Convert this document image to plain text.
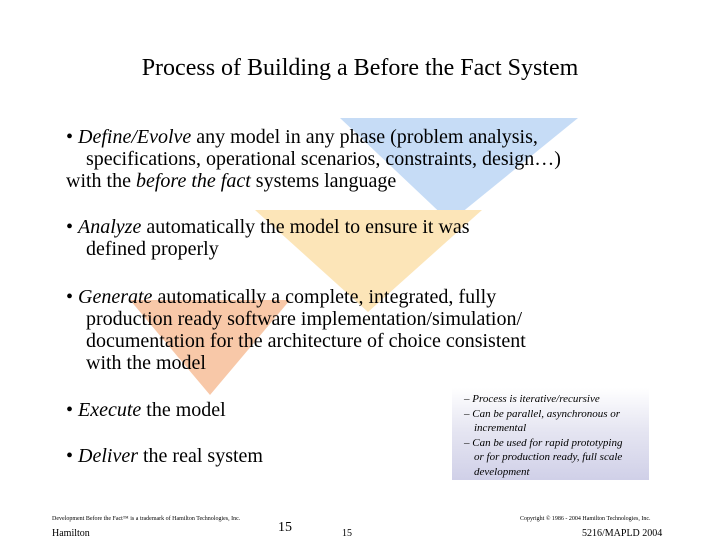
Process of Building a Before the Fact System
• Define/Evolve any model in any phase (problem analysis,
specifications, operational scenarios, constraints, design…)
with the before the fact systems language
• Analyze automatically the model to ensure it was
defined properly
• Generate automatically a complete, integrated, fully
production ready software implementation/simulation/
documentation for the architecture of choice consistent
with the model
• Execute the model
• Deliver the real system
– Process is iterative/recursive
– Can be parallel, asynchronous or
incremental
– Can be used for rapid prototyping
or for production ready, full scale
development
Development Before the Fact™ is a trademark of Hamilton Technologies, Inc.	Copyright © 1986 - 2004 Hamilton Technologies, Inc.
Hamilton	15	15	5216/MAPLD 2004
